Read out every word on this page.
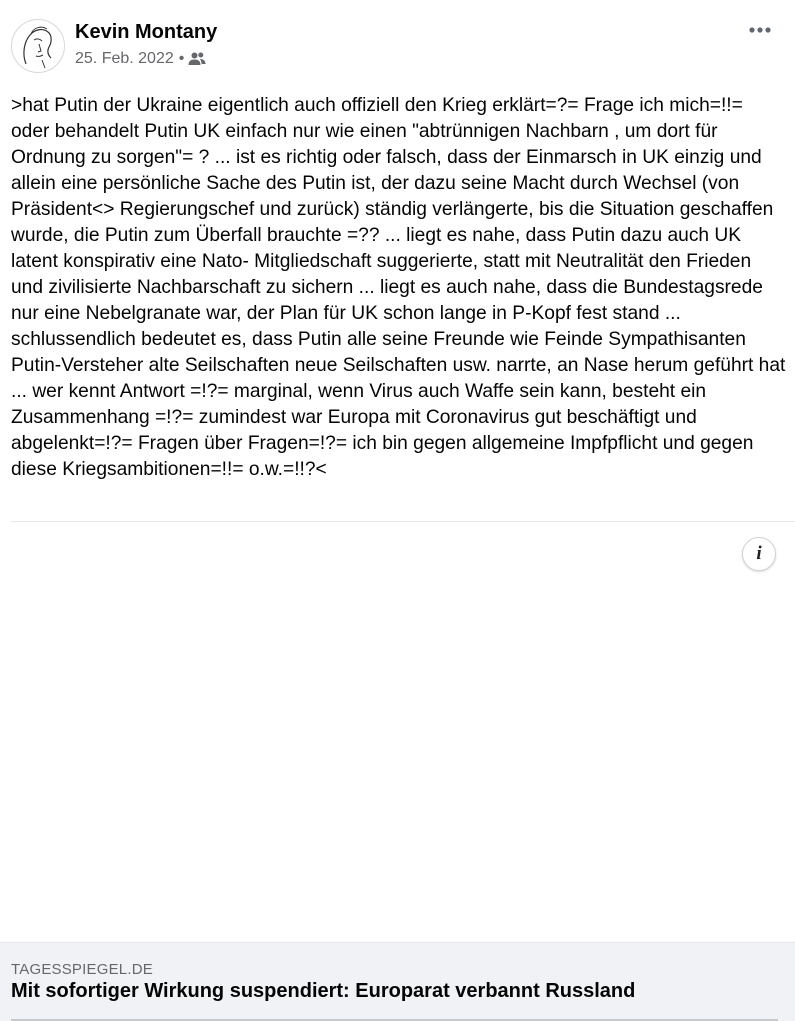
Kevin Montany
25. Feb. 2022 •

>hat Putin der Ukraine eigentlich auch offiziell den Krieg erklärt=?= Frage ich mich=!!= oder behandelt Putin UK einfach nur wie einen "abtrünnigen Nachbarn , um dort für Ordnung zu sorgen"= ? ... ist es richtig oder falsch, dass der Einmarsch in UK einzig und allein eine persönliche Sache des Putin ist, der dazu seine Macht durch Wechsel (von Präsident<> Regierungschef und zurück) ständig verlängerte, bis die Situation geschaffen wurde, die Putin zum Überfall brauchte =?? ... liegt es nahe, dass Putin dazu auch UK latent konspirativ eine Nato- Mitgliedschaft suggerierte, statt mit Neutralität den Frieden und zivilisierte Nachbarschaft zu sichern ... liegt es auch nahe, dass die Bundestagsrede nur eine Nebelgranate war, der Plan für UK schon lange in P-Kopf fest stand ... schlussendlich bedeutet es, dass Putin alle seine Freunde wie Feinde Sympathisanten Putin-Versteher alte Seilschaften neue Seilschaften usw. narrte, an Nase herum geführt hat ... wer kennt Antwort =!?= marginal, wenn Virus auch Waffe sein kann, besteht ein Zusammenhang =!?= zumindest war Europa mit Coronavirus gut beschäftigt und abgelenkt=!?= Fragen über Fragen=!?= ich bin gegen allgemeine Impfpflicht und gegen diese Kriegsambitionen=!!= o.w.=!!?<

i
TAGESSPIEGEL.DE
Mit sofortiger Wirkung suspendiert: Europarat verbannt Russland
